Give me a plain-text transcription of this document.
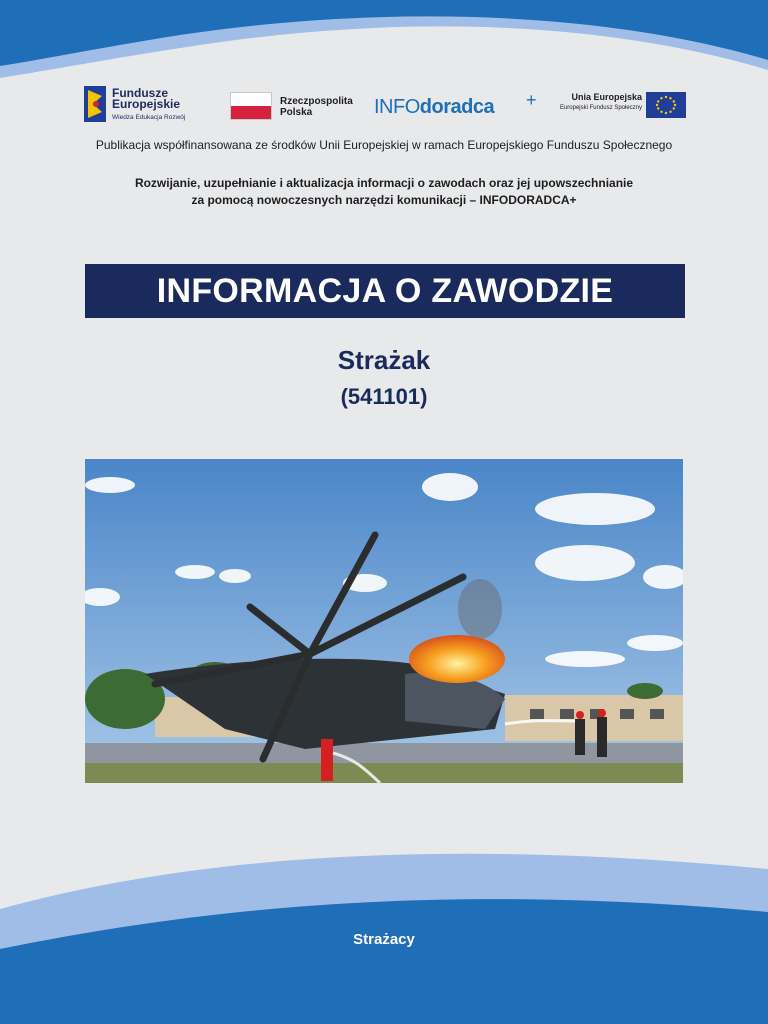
Fundusze Europejskie
Wiedza Edukacja Rozwój
Rzeczpospolita Polska	INFOdoradca +	Unia Europejska
Europejski Fundusz Społeczny
Publikacja współfinansowana ze środków Unii Europejskiej w ramach Europejskiego Funduszu Społecznego
Rozwijanie, uzupełnianie i aktualizacja informacji o zawodach oraz jej upowszechnianie
za pomocą nowoczesnych narzędzi komunikacji – INFODORADCA+
INFORMACJA O ZAWODZIE
Strażak
(541101)
Strażacy
